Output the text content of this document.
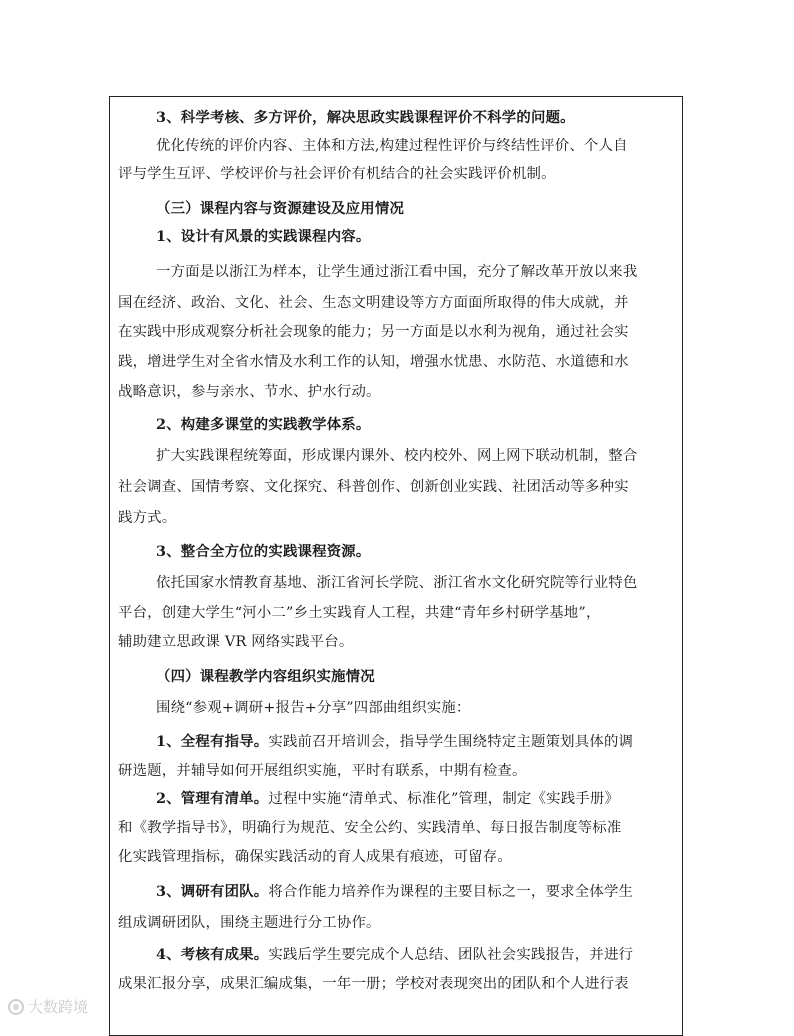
3、科学考核、多方评价，解决思政实践课程评价不科学的问题。
优化传统的评价内容、主体和方法,构建过程性评价与终结性评价、个人自
评与学生互评、学校评价与社会评价有机结合的社会实践评价机制。
（三）课程内容与资源建设及应用情况
1、设计有风景的实践课程内容。
一方面是以浙江为样本，让学生通过浙江看中国，充分了解改革开放以来我
国在经济、政治、文化、社会、生态文明建设等方方面面所取得的伟大成就，并
在实践中形成观察分析社会现象的能力；另一方面是以水利为视角，通过社会实
践，增进学生对全省水情及水利工作的认知，增强水忧患、水防范、水道德和水
战略意识，参与亲水、节水、护水行动。
2、构建多课堂的实践教学体系。
扩大实践课程统筹面，形成课内课外、校内校外、网上网下联动机制，整合
社会调查、国情考察、文化探究、科普创作、创新创业实践、社团活动等多种实
践方式。
3、整合全方位的实践课程资源。
依托国家水情教育基地、浙江省河长学院、浙江省水文化研究院等行业特色
平台，创建大学生“河小二”乡土实践育人工程，共建“青年乡村研学基地”，
辅助建立思政课 VR 网络实践平台。
（四）课程教学内容组织实施情况
围绕“参观+调研+报告+分享”四部曲组织实施：
1、全程有指导。实践前召开培训会，指导学生围绕特定主题策划具体的调
研选题，并辅导如何开展组织实施，平时有联系，中期有检查。
2、管理有清单。过程中实施“清单式、标准化”管理，制定《实践手册》
和《教学指导书》，明确行为规范、安全公约、实践清单、每日报告制度等标准
化实践管理指标，确保实践活动的育人成果有痕迹，可留存。
3、调研有团队。将合作能力培养作为课程的主要目标之一，要求全体学生
组成调研团队，围绕主题进行分工协作。
4、考核有成果。实践后学生要完成个人总结、团队社会实践报告，并进行
成果汇报分享，成果汇编成集，一年一册；学校对表现突出的团队和个人进行表
大数跨境
